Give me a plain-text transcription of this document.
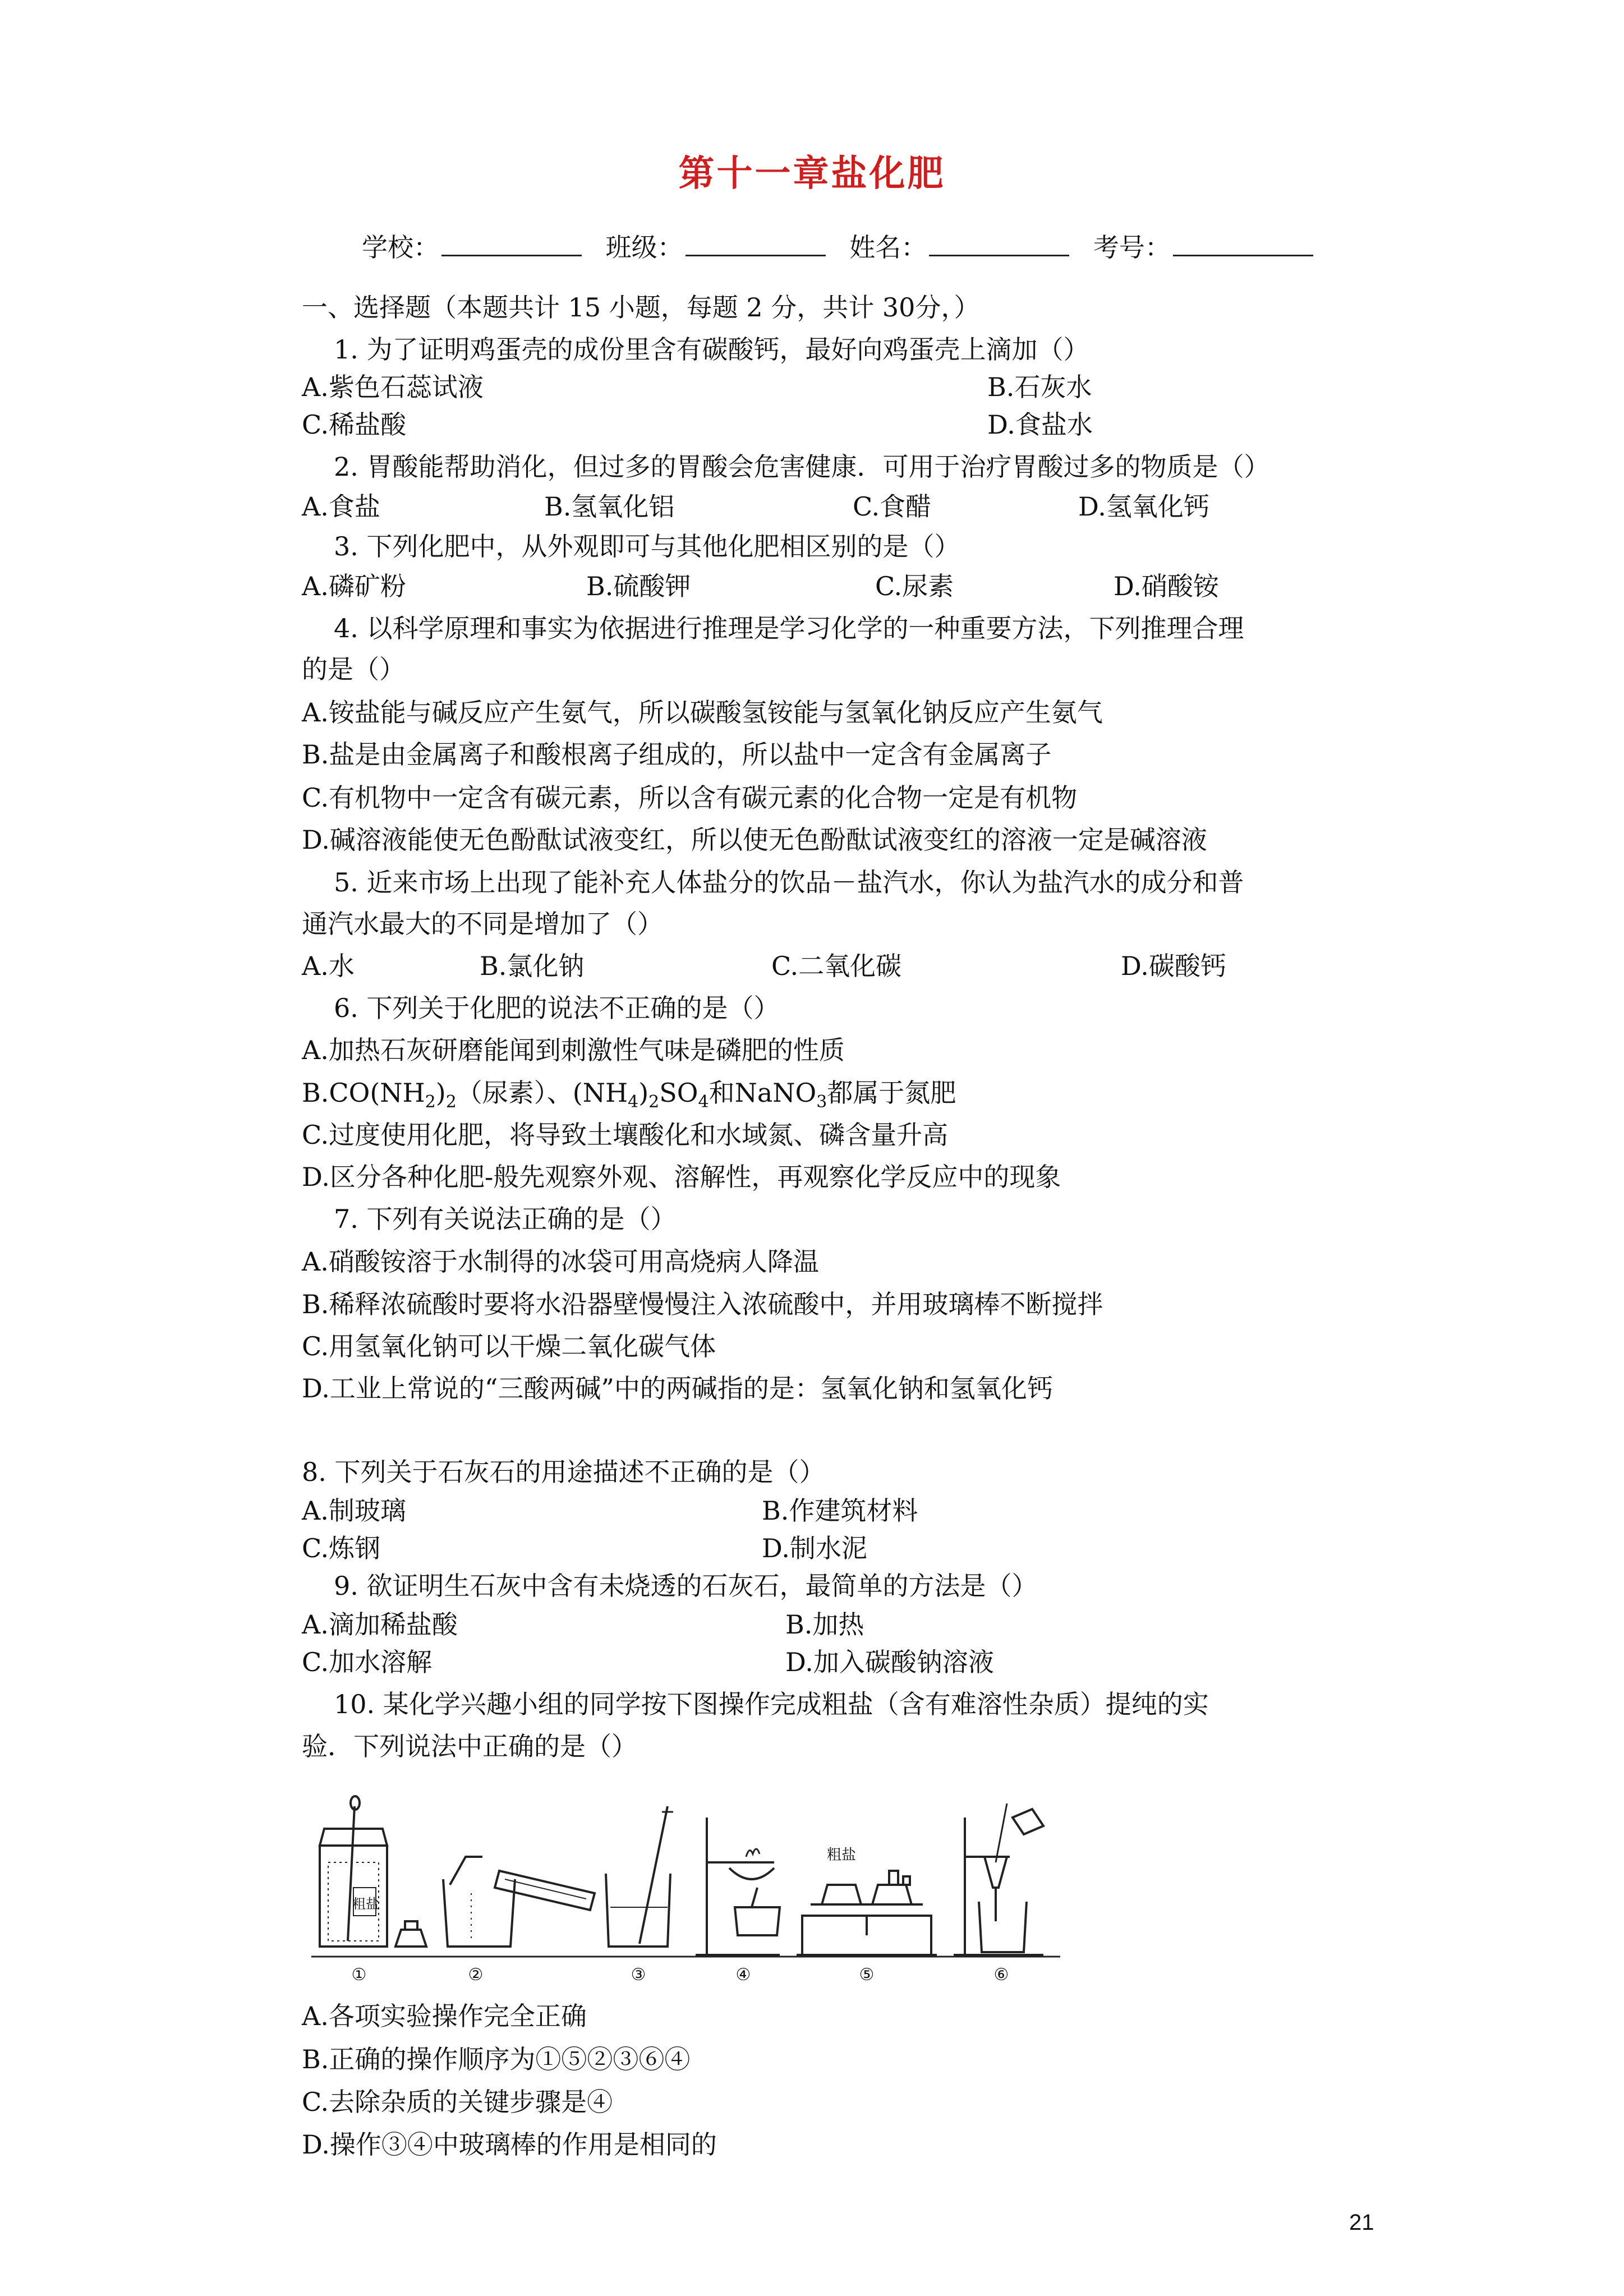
第十一章盐化肥
学校：	班级：	姓名：	考号：
一、选择题（本题共计 15 小题，每题 2 分，共计 30分，）
1. 为了证明鸡蛋壳的成份里含有碳酸钙，最好向鸡蛋壳上滴加（）
A.紫色石蕊试液	B.石灰水
C.稀盐酸	D.食盐水
2. 胃酸能帮助消化，但过多的胃酸会危害健康．可用于治疗胃酸过多的物质是（）
A.食盐	B.氢氧化铝	C.食醋	D.氢氧化钙
3. 下列化肥中，从外观即可与其他化肥相区别的是（）
A.磷矿粉	B.硫酸钾	C.尿素	D.硝酸铵
4. 以科学原理和事实为依据进行推理是学习化学的一种重要方法，下列推理合理
的是（）
A.铵盐能与碱反应产生氨气，所以碳酸氢铵能与氢氧化钠反应产生氨气
B.盐是由金属离子和酸根离子组成的，所以盐中一定含有金属离子
C.有机物中一定含有碳元素，所以含有碳元素的化合物一定是有机物
D.碱溶液能使无色酚酞试液变红，所以使无色酚酞试液变红的溶液一定是碱溶液
5. 近来市场上出现了能补充人体盐分的饮品－盐汽水，你认为盐汽水的成分和普
通汽水最大的不同是增加了（）
A.水	B.氯化钠	C.二氧化碳	D.碳酸钙
6. 下列关于化肥的说法不正确的是（）
A.加热石灰研磨能闻到刺激性气味是磷肥的性质
$B.CO(NH_2)_2$（尿素）、$(NH_4)_2SO_4$和NaNO$_3$都属于氮肥
C.过度使用化肥，将导致土壤酸化和水域氮、磷含量升高
D.区分各种化肥-般先观察外观、溶解性，再观察化学反应中的现象
7. 下列有关说法正确的是（）
A.硝酸铵溶于水制得的冰袋可用高烧病人降温
B.稀释浓硫酸时要将水沿器壁慢慢注入浓硫酸中，并用玻璃棒不断搅拌
C.用氢氧化钠可以干燥二氧化碳气体
D.工业上常说的“三酸两碱”中的两碱指的是：氢氧化钠和氢氧化钙
8. 下列关于石灰石的用途描述不正确的是（）
A.制玻璃	B.作建筑材料
C.炼钢	D.制水泥
9. 欲证明生石灰中含有未烧透的石灰石，最简单的方法是（）
A.滴加稀盐酸	B.加热
C.加水溶解	D.加入碳酸钠溶液
10. 某化学兴趣小组的同学按下图操作完成粗盐（含有难溶性杂质）提纯的实
验．下列说法中正确的是（）
粗盐
粗盐
①	②	③	④	⑤	⑥
A.各项实验操作完全正确
B.正确的操作顺序为①⑤②③⑥④
C.去除杂质的关键步骤是④
D.操作③④中玻璃棒的作用是相同的
21
